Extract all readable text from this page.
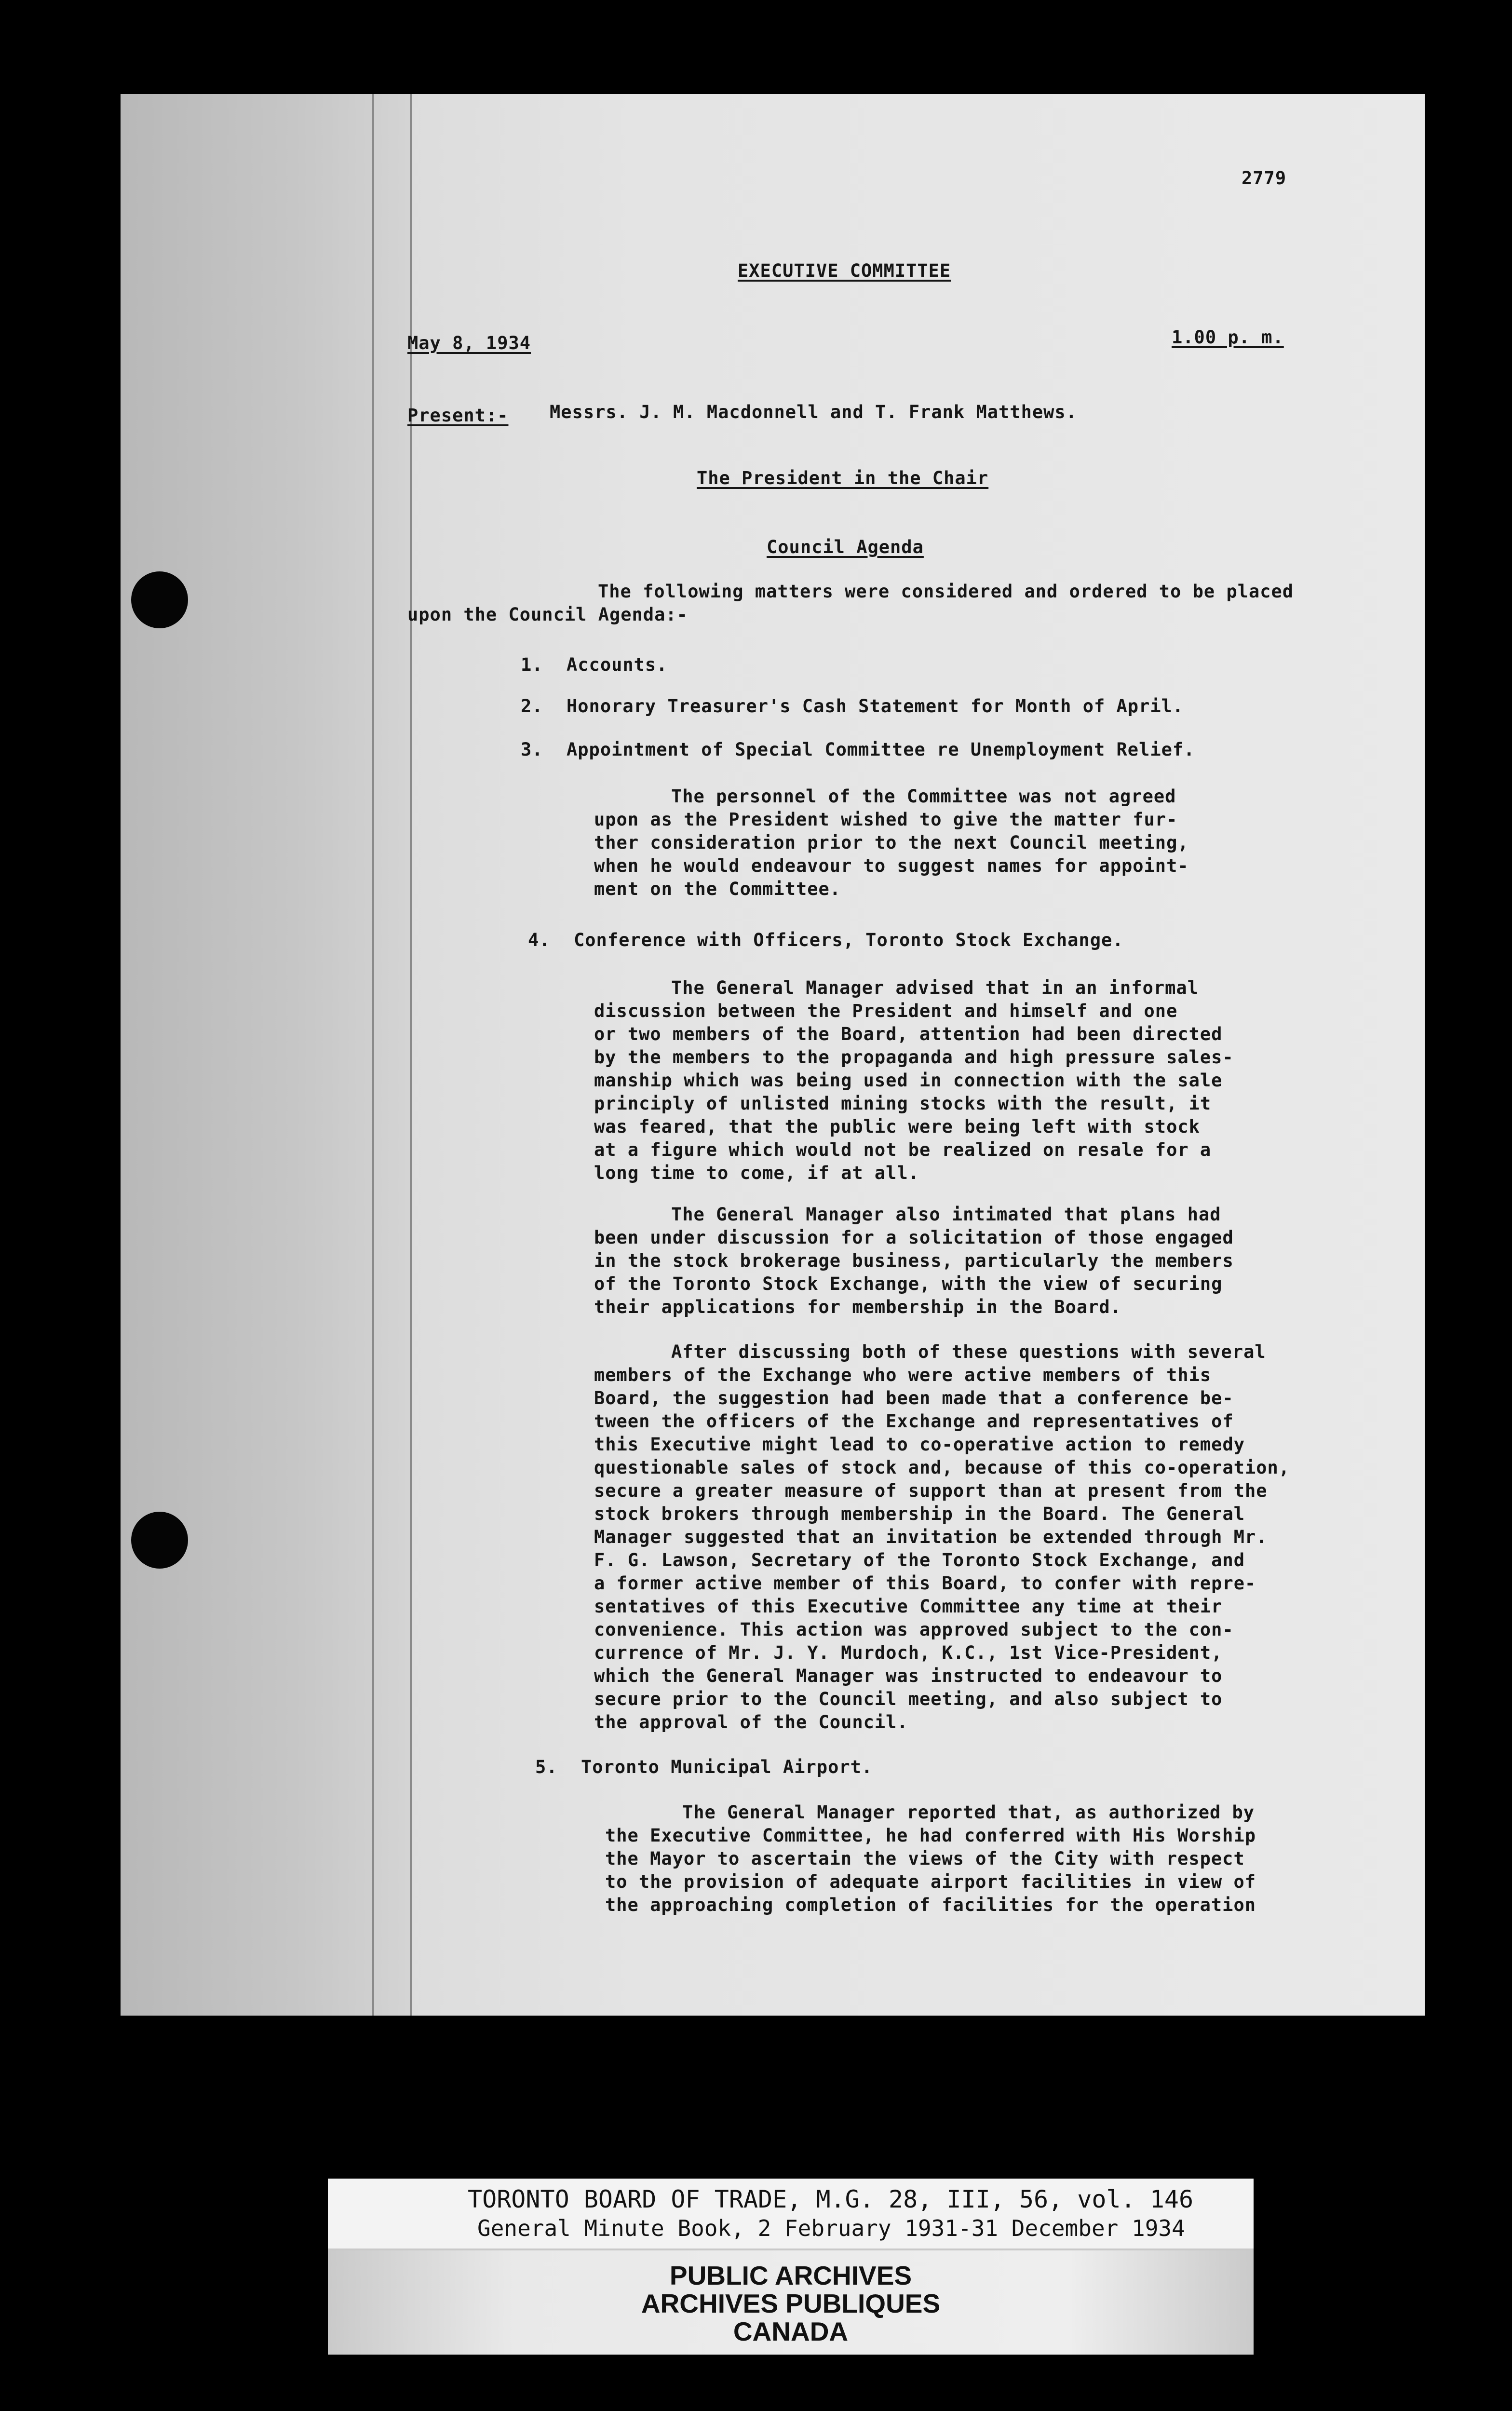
2779
EXECUTIVE COMMITTEE
May 8, 1934	1.00 p. m.
Present:- Messrs. J. M. Macdonnell and T. Frank Matthews.
The President in the Chair
Council Agenda
The following matters were considered and ordered to be placed
upon the Council Agenda:-
1. Accounts.
2. Honorary Treasurer's Cash Statement for Month of April.
3. Appointment of Special Committee re Unemployment Relief.
The personnel of the Committee was not agreed
upon as the President wished to give the matter fur-
ther consideration prior to the next Council meeting,
when he would endeavour to suggest names for appoint-
ment on the Committee.
4. Conference with Officers, Toronto Stock Exchange.
The General Manager advised that in an informal
discussion between the President and himself and one
or two members of the Board, attention had been directed
by the members to the propaganda and high pressure sales-
manship which was being used in connection with the sale
principly of unlisted mining stocks with the result, it
was feared, that the public were being left with stock
at a figure which would not be realized on resale for a
long time to come, if at all.
The General Manager also intimated that plans had
been under discussion for a solicitation of those engaged
in the stock brokerage business, particularly the members
of the Toronto Stock Exchange, with the view of securing
their applications for membership in the Board.
After discussing both of these questions with several
members of the Exchange who were active members of this
Board, the suggestion had been made that a conference be-
tween the officers of the Exchange and representatives of
this Executive might lead to co-operative action to remedy
questionable sales of stock and, because of this co-operation,
secure a greater measure of support than at present from the
stock brokers through membership in the Board. The General
Manager suggested that an invitation be extended through Mr.
F. G. Lawson, Secretary of the Toronto Stock Exchange, and
a former active member of this Board, to confer with repre-
sentatives of this Executive Committee any time at their
convenience. This action was approved subject to the con-
currence of Mr. J. Y. Murdoch, K.C., 1st Vice-President,
which the General Manager was instructed to endeavour to
secure prior to the Council meeting, and also subject to
the approval of the Council.
5. Toronto Municipal Airport.
The General Manager reported that, as authorized by
the Executive Committee, he had conferred with His Worship
the Mayor to ascertain the views of the City with respect
to the provision of adequate airport facilities in view of
the approaching completion of facilities for the operation
TORONTO BOARD OF TRADE, M.G. 28, III, 56, vol. 146
General Minute Book, 2 February 1931-31 December 1934
PUBLIC ARCHIVES
ARCHIVES PUBLIQUES
CANADA
